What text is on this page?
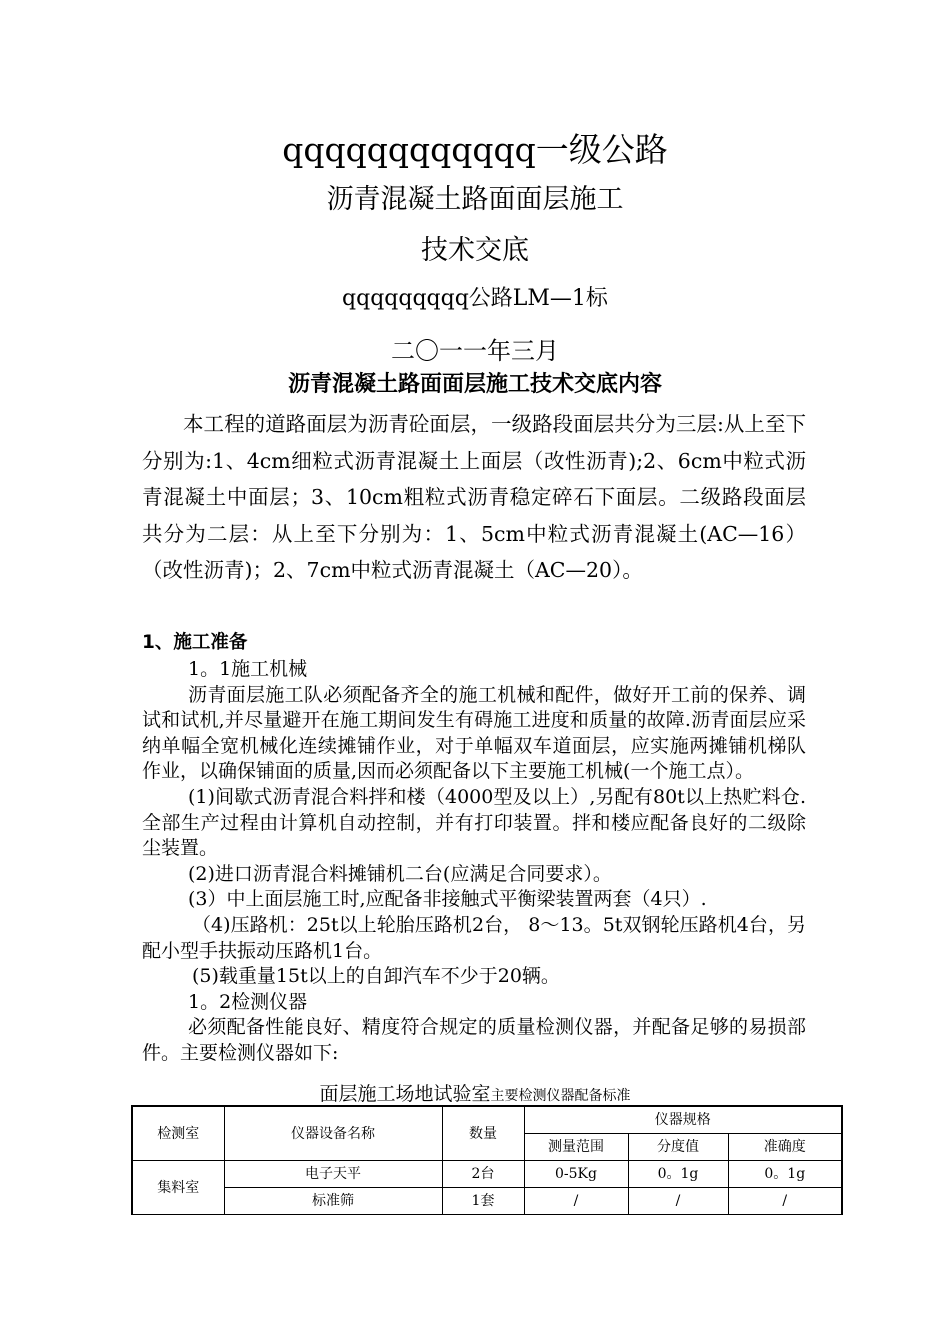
qqqqqqqqqqqq一级公路
沥青混凝土路面面层施工
技术交底
qqqqqqqqq公路LM—1标
二〇一一年三月
沥青混凝土路面面层施工技术交底内容

本工程的道路面层为沥青砼面层，一级路段面层共分为三层:从上至下分别为:1、4cm细粒式沥青混凝土上面层（改性沥青);2、6cm中粒式沥青混凝土中面层；3、10cm粗粒式沥青稳定碎石下面层。二级路段面层共分为二层：从上至下分别为：1、5cm中粒式沥青混凝土(AC—16）（改性沥青)；2、7cm中粒式沥青混凝土（AC—20）。

1、施工准备

1。1施工机械

沥青面层施工队必须配备齐全的施工机械和配件，做好开工前的保养、调试和试机,并尽量避开在施工期间发生有碍施工进度和质量的故障.沥青面层应采纳单幅全宽机械化连续摊铺作业，对于单幅双车道面层，应实施两摊铺机梯队作业，以确保铺面的质量,因而必须配备以下主要施工机械(一个施工点）。

(1)间歇式沥青混合料拌和楼（4000型及以上）,另配有80t以上热贮料仓.全部生产过程由计算机自动控制，并有打印装置。拌和楼应配备良好的二级除尘装置。

(2)进口沥青混合料摊铺机二台(应满足合同要求）。

(3）中上面层施工时,应配备非接触式平衡梁装置两套（4只）.

（4)压路机：25t以上轮胎压路机2台， 8～13。5t双钢轮压路机4台，另配小型手扶振动压路机1台。

(5)载重量15t以上的自卸汽车不少于20辆。

1。2检测仪器

必须配备性能良好、精度符合规定的质量检测仪器，并配备足够的易损部件。主要检测仪器如下:

面层施工场地试验室主要检测仪器配备标准
检测室	仪器设备名称	数量	仪器规格		
			测量范围	分度值	准确度
集料室	电子天平	2台	0-5Kg	0。1g	0。1g
	标准筛	1套	/	/	/
